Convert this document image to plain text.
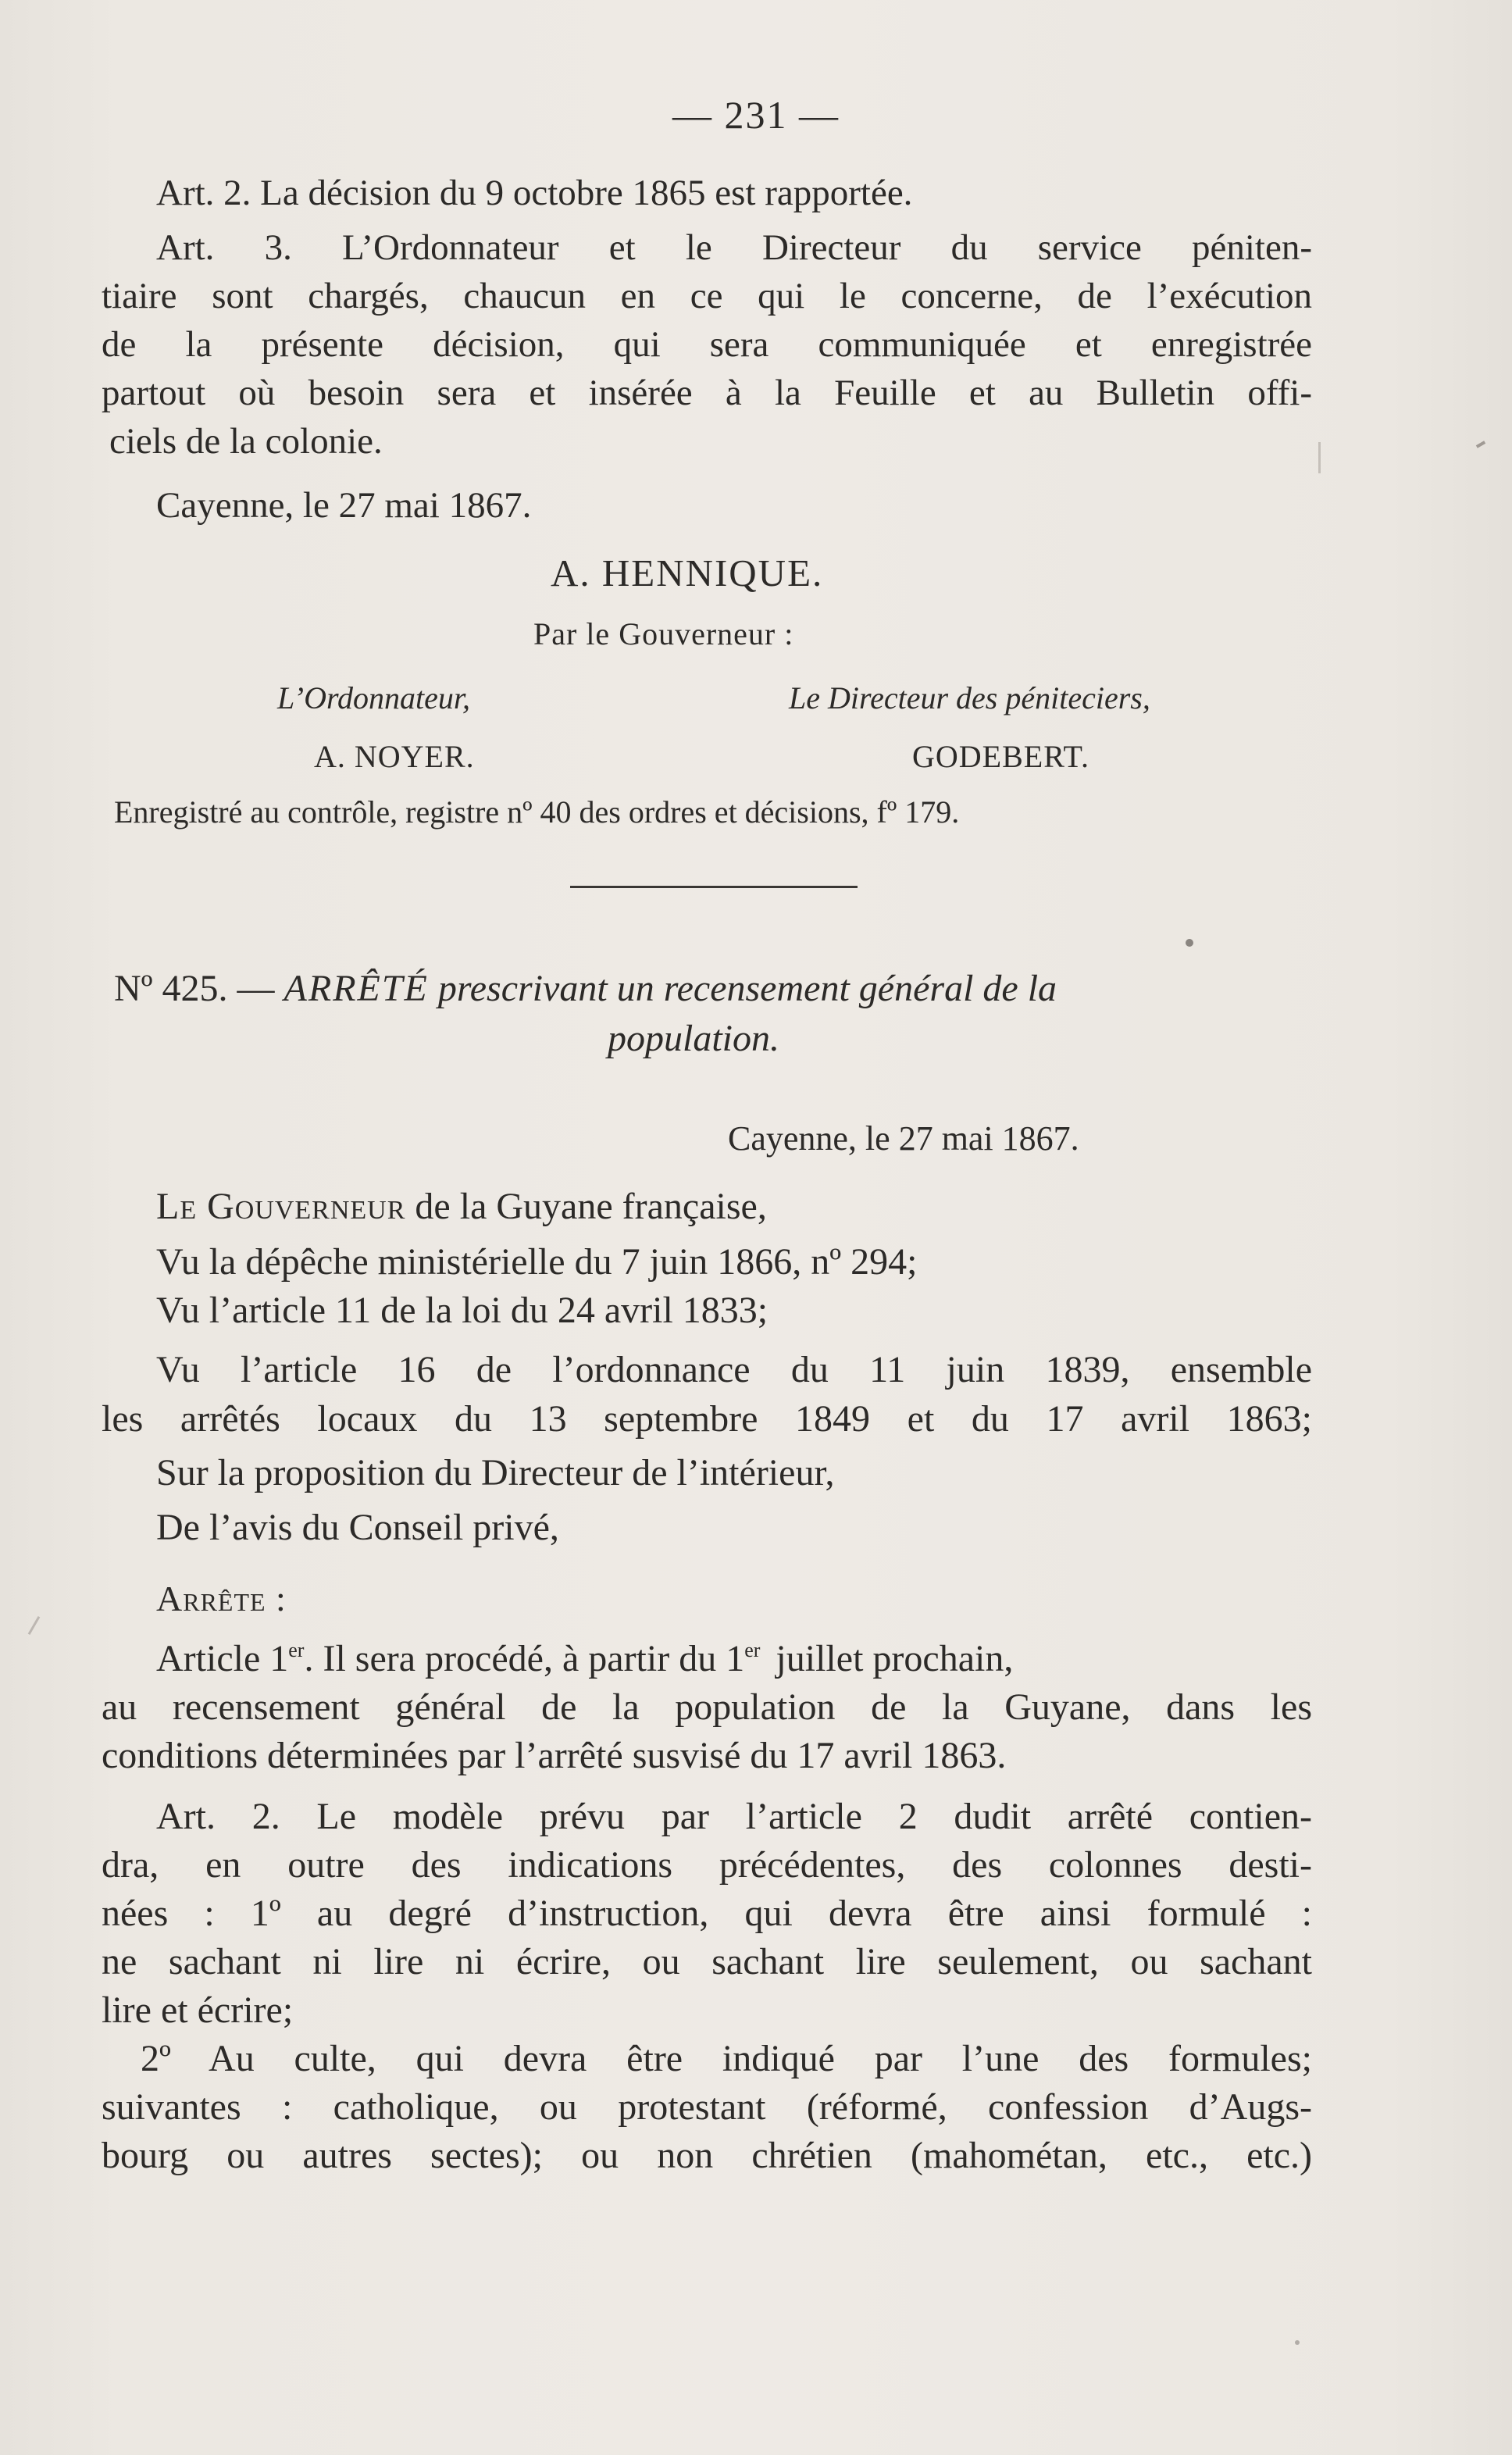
— 231 —
Art. 2. La décision du 9 octobre 1865 est rapportée.
Art. 3. L’Ordonnateur et le Directeur du service péniten-
tiaire sont chargés, chaucun en ce qui le concerne, de l’exécution
de la présente décision, qui sera communiquée et enregistrée
partout où besoin sera et insérée à la Feuille et au Bulletin offi-
ciels de la colonie.
Cayenne, le 27 mai 1867.
A. HENNIQUE.
Par le Gouverneur :
L’Ordonnateur,	Le Directeur des péniteciers,
A. NOYER.	GODEBERT.
Enregistré au contrôle, registre nº 40 des ordres et décisions, fº 179.
Nº 425. — ARRÊTÉ prescrivant un recensement général de la
population.
Cayenne, le 27 mai 1867.
Le Gouverneur de la Guyane française,
Vu la dépêche ministérielle du 7 juin 1866, nº 294;
Vu l’article 11 de la loi du 24 avril 1833;
Vu l’article 16 de l’ordonnance du 11 juin 1839, ensemble
les arrêtés locaux du 13 septembre 1849 et du 17 avril 1863;
Sur la proposition du Directeur de l’intérieur,
De l’avis du Conseil privé,
Arrête :
Article 1er. Il sera procédé, à partir du 1er juillet prochain,
au recensement général de la population de la Guyane, dans les
conditions déterminées par l’arrêté susvisé du 17 avril 1863.
Art. 2. Le modèle prévu par l’article 2 dudit arrêté contien-
dra, en outre des indications précédentes, des colonnes desti-
nées : 1º au degré d’instruction, qui devra être ainsi formulé :
ne sachant ni lire ni écrire, ou sachant lire seulement, ou sachant
lire et écrire;
2º Au culte, qui devra être indiqué par l’une des formules;
suivantes : catholique, ou protestant (réformé, confession d’Augs-
bourg ou autres sectes); ou non chrétien (mahométan, etc., etc.)
